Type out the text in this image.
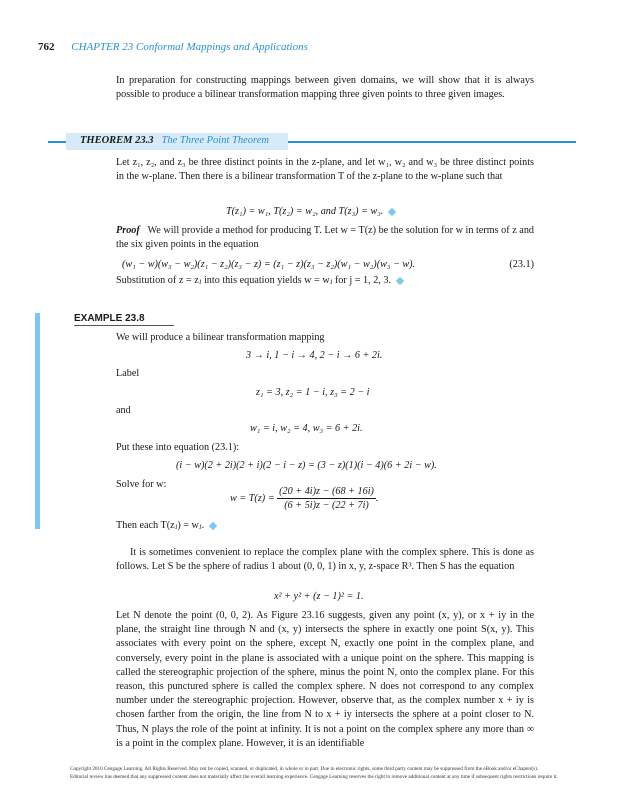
762 CHAPTER 23 Conformal Mappings and Applications
In preparation for constructing mappings between given domains, we will show that it is always possible to produce a bilinear transformation mapping three given points to three given images.
THEOREM 23.3 The Three Point Theorem
Let z₁, z₂, and z₃ be three distinct points in the z-plane, and let w₁, w₂ and w₃ be three distinct points in the w-plane. Then there is a bilinear transformation T of the z-plane to the w-plane such that
T(z₁) = w₁, T(z₂) = w₂, and T(z₃) = w₃.
Proof We will provide a method for producing T. Let w = T(z) be the solution for w in terms of z and the six given points in the equation
(w₁ − w)(w₃ − w₂)(z₁ − z₂)(z₃ − z) = (z₁ − z)(z₃ − z₂)(w₁ − w₂)(w₃ − w).	(23.1)
Substitution of z = zⱼ into this equation yields w = wⱼ for j = 1, 2, 3.
EXAMPLE 23.8
We will produce a bilinear transformation mapping
3 → i, 1 − i → 4, 2 − i → 6 + 2i.
Label
z₁ = 3, z₂ = 1 − i, z₃ = 2 − i
and
w₁ = i, w₂ = 4, w₃ = 6 + 2i.
Put these into equation (23.1):
(i − w)(2 + 2i)(2 + i)(2 − i − z) = (3 − z)(1)(i − 4)(6 + 2i − w).
Solve for w:
$w = T(z) = \frac{(20 + 4i)z - (68 + 16i)}{(6 + 5i)z - (22 + 7i)}$ .
Then each T(zⱼ) = wⱼ.
It is sometimes convenient to replace the complex plane with the complex sphere. This is done as follows. Let S be the sphere of radius 1 about (0, 0, 1) in x, y, z-space R³. Then S has the equation
x² + y² + (z − 1)² = 1.
Let N denote the point (0, 0, 2). As Figure 23.16 suggests, given any point (x, y), or x + iy in the plane, the straight line through N and (x, y) intersects the sphere in exactly one point S(x, y). This associates with every point on the sphere, except N, exactly one point in the complex plane, and conversely, every point in the plane is associated with a unique point on the sphere. This mapping is called the stereographic projection of the sphere, minus the point N, onto the complex plane. For this reason, this punctured sphere is called the complex sphere. N does not correspond to any complex number under the stereographic projection. However, observe that, as the complex number x + iy is chosen farther from the origin, the line from N to x + iy intersects the sphere at a point closer to N. Thus, N plays the role of the point at infinity. It is not a point on the complex sphere any more than ∞ is a point in the complex plane. However, it is an identifiable
Copyright 2010 Cengage Learning. All Rights Reserved. May not be copied, scanned, or duplicated, in whole or in part. Due to electronic rights, some third party content may be suppressed from the eBook and/or eChapter(s).
Editorial review has deemed that any suppressed content does not materially affect the overall learning experience. Cengage Learning reserves the right to remove additional content at any time if subsequent rights restrictions require it.
